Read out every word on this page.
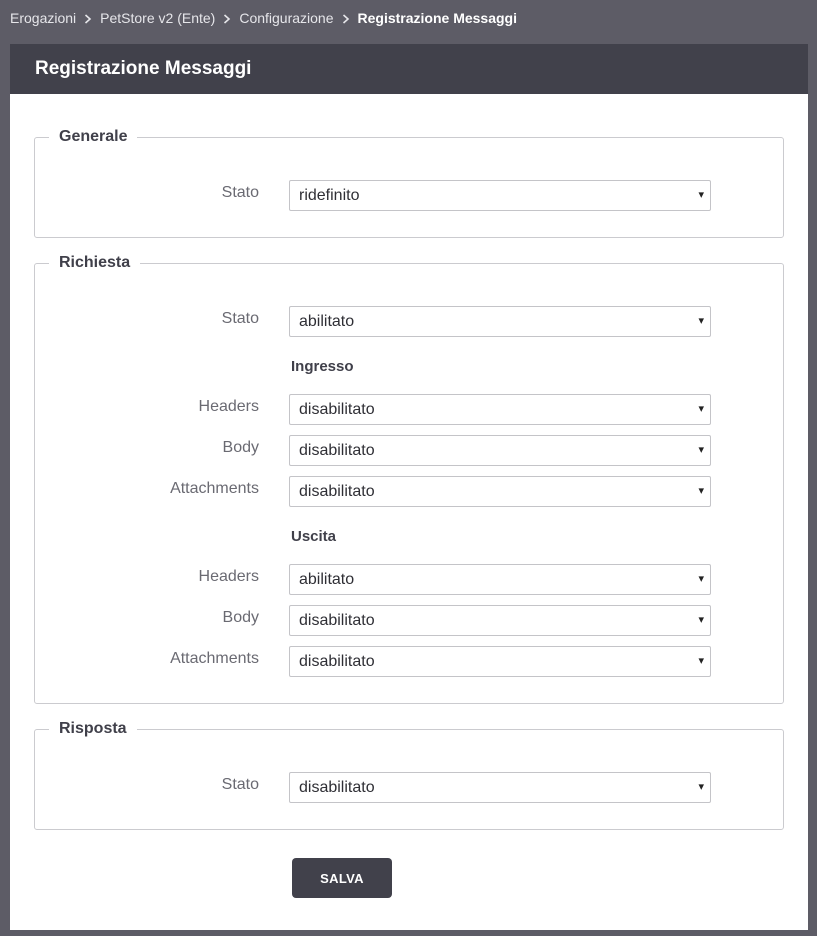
Erogazioni PetStore v2 (Ente) Configurazione Registrazione Messaggi
Registrazione Messaggi
Generale
Stato	ridefinito	▾
Richiesta
Stato	abilitato	▾
Ingresso
Headers	disabilitato	▾
Body	disabilitato	▾
Attachments	disabilitato	▾
Uscita
Headers	abilitato	▾
Body	disabilitato	▾
Attachments	disabilitato	▾
Risposta
Stato	disabilitato	▾
SALVA
